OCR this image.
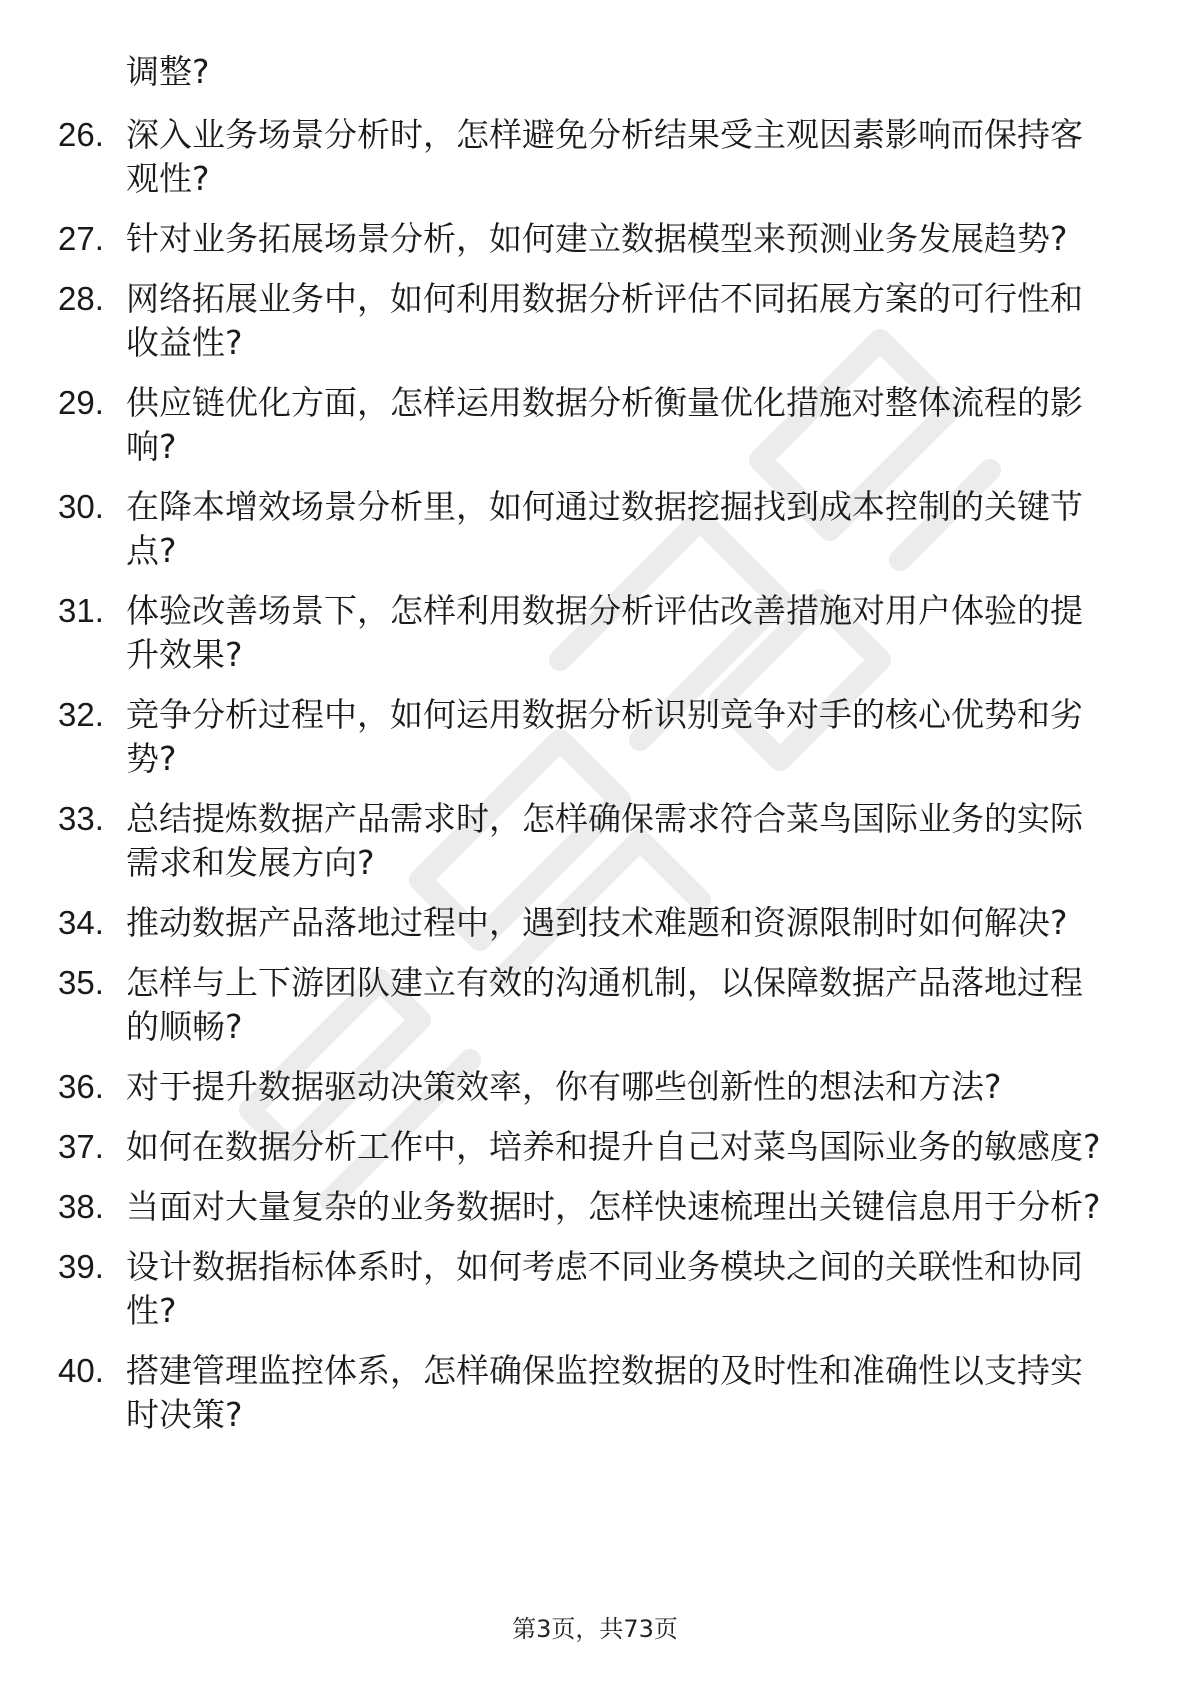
调整?
26. 深入业务场景分析时，怎样避免分析结果受主观因素影响而保持客观性?
27. 针对业务拓展场景分析，如何建立数据模型来预测业务发展趋势?
28. 网络拓展业务中，如何利用数据分析评估不同拓展方案的可行性和收益性?
29. 供应链优化方面，怎样运用数据分析衡量优化措施对整体流程的影响?
30. 在降本增效场景分析里，如何通过数据挖掘找到成本控制的关键节点?
31. 体验改善场景下，怎样利用数据分析评估改善措施对用户体验的提升效果?
32. 竞争分析过程中，如何运用数据分析识别竞争对手的核心优势和劣势?
33. 总结提炼数据产品需求时，怎样确保需求符合菜鸟国际业务的实际需求和发展方向?
34. 推动数据产品落地过程中，遇到技术难题和资源限制时如何解决?
35. 怎样与上下游团队建立有效的沟通机制，以保障数据产品落地过程的顺畅?
36. 对于提升数据驱动决策效率，你有哪些创新性的想法和方法?
37. 如何在数据分析工作中，培养和提升自己对菜鸟国际业务的敏感度?
38. 当面对大量复杂的业务数据时，怎样快速梳理出关键信息用于分析?
39. 设计数据指标体系时，如何考虑不同业务模块之间的关联性和协同性?
40. 搭建管理监控体系，怎样确保监控数据的及时性和准确性以支持实时决策?
第3页，共73页
